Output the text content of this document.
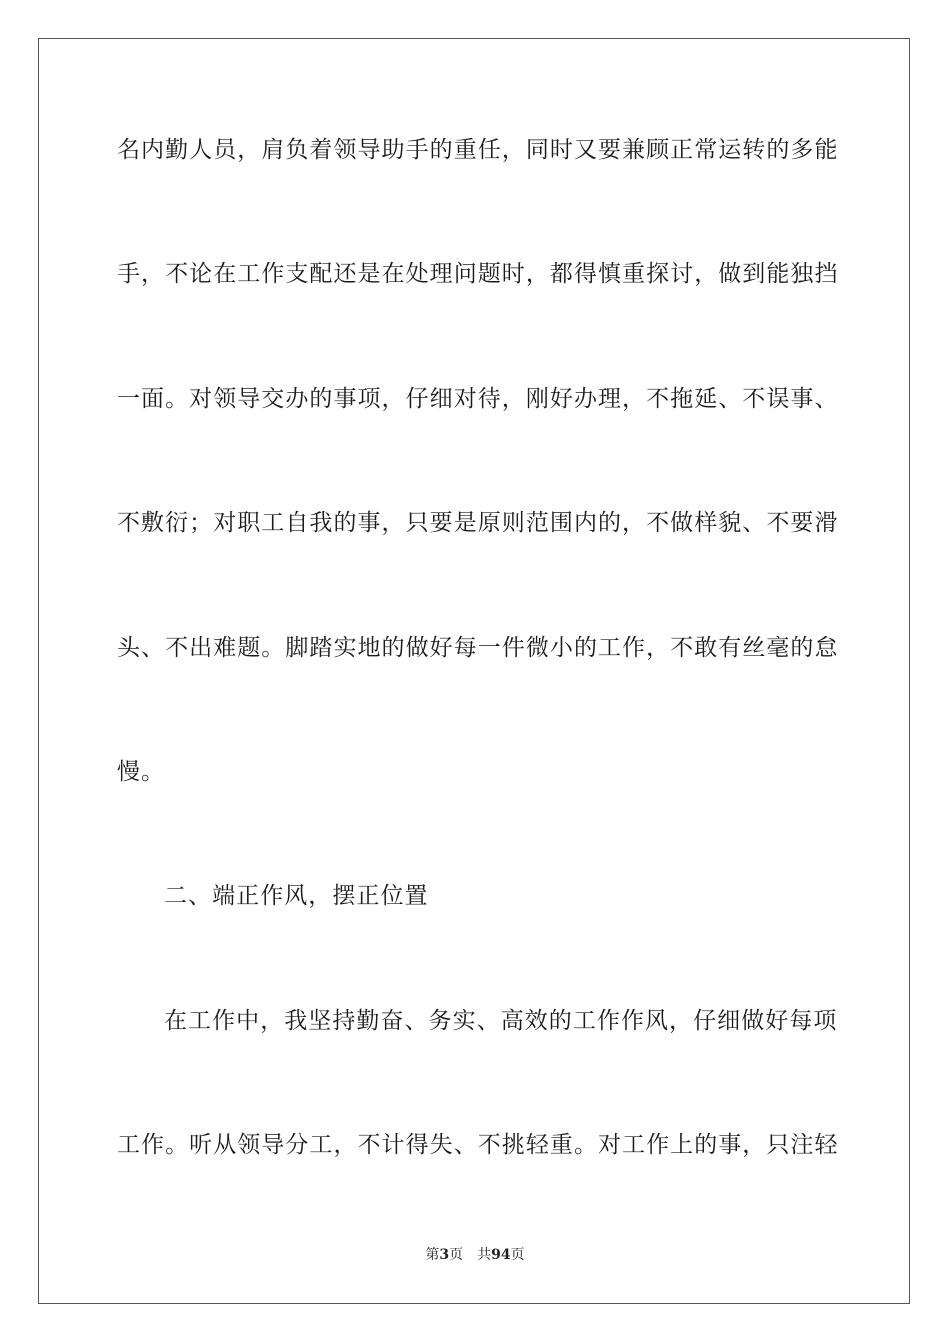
名内勤人员，肩负着领导助手的重任，同时又要兼顾正常运转的多能
手，不论在工作支配还是在处理问题时，都得慎重探讨，做到能独挡
一面。对领导交办的事项，仔细对待，刚好办理，不拖延、不误事、
不敷衍；对职工自我的事，只要是原则范围内的，不做样貌、不要滑
头、不出难题。脚踏实地的做好每一件微小的工作，不敢有丝毫的怠
慢。
二、端正作风，摆正位置
在工作中，我坚持勤奋、务实、高效的工作作风，仔细做好每项
工作。听从领导分工，不计得失、不挑轻重。对工作上的事，只注轻
第3页　共94页
